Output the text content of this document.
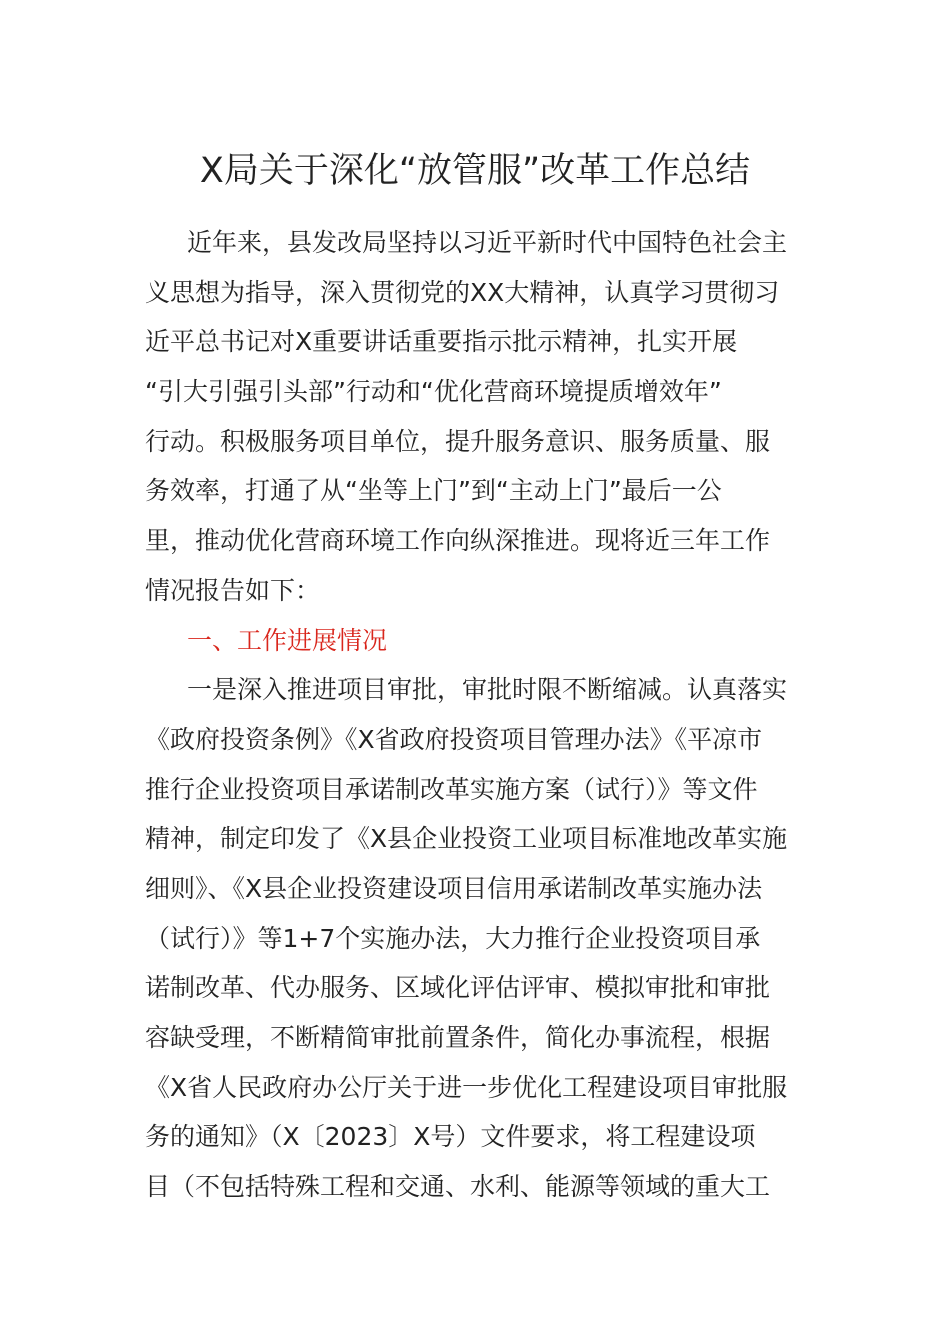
X局关于深化“放管服”改革工作总结
近年来，县发改局坚持以习近平新时代中国特色社会主
义思想为指导，深入贯彻党的XX大精神，认真学习贯彻习
近平总书记对X重要讲话重要指示批示精神，扎实开展
“引大引强引头部”行动和“优化营商环境提质增效年”
行动。积极服务项目单位，提升服务意识、服务质量、服
务效率，打通了从“坐等上门”到“主动上门”最后一公
里，推动优化营商环境工作向纵深推进。现将近三年工作
情况报告如下：
一、工作进展情况
一是深入推进项目审批，审批时限不断缩减。认真落实
《政府投资条例》《X省政府投资项目管理办法》《平凉市
推行企业投资项目承诺制改革实施方案（试行）》等文件
精神，制定印发了《X县企业投资工业项目标准地改革实施
细则》、《X县企业投资建设项目信用承诺制改革实施办法
（试行）》等1+7个实施办法，大力推行企业投资项目承
诺制改革、代办服务、区域化评估评审、模拟审批和审批
容缺受理，不断精简审批前置条件，简化办事流程，根据
《X省人民政府办公厅关于进一步优化工程建设项目审批服
务的通知》（X〔2023〕X号）文件要求，将工程建设项
目（不包括特殊工程和交通、水利、能源等领域的重大工
